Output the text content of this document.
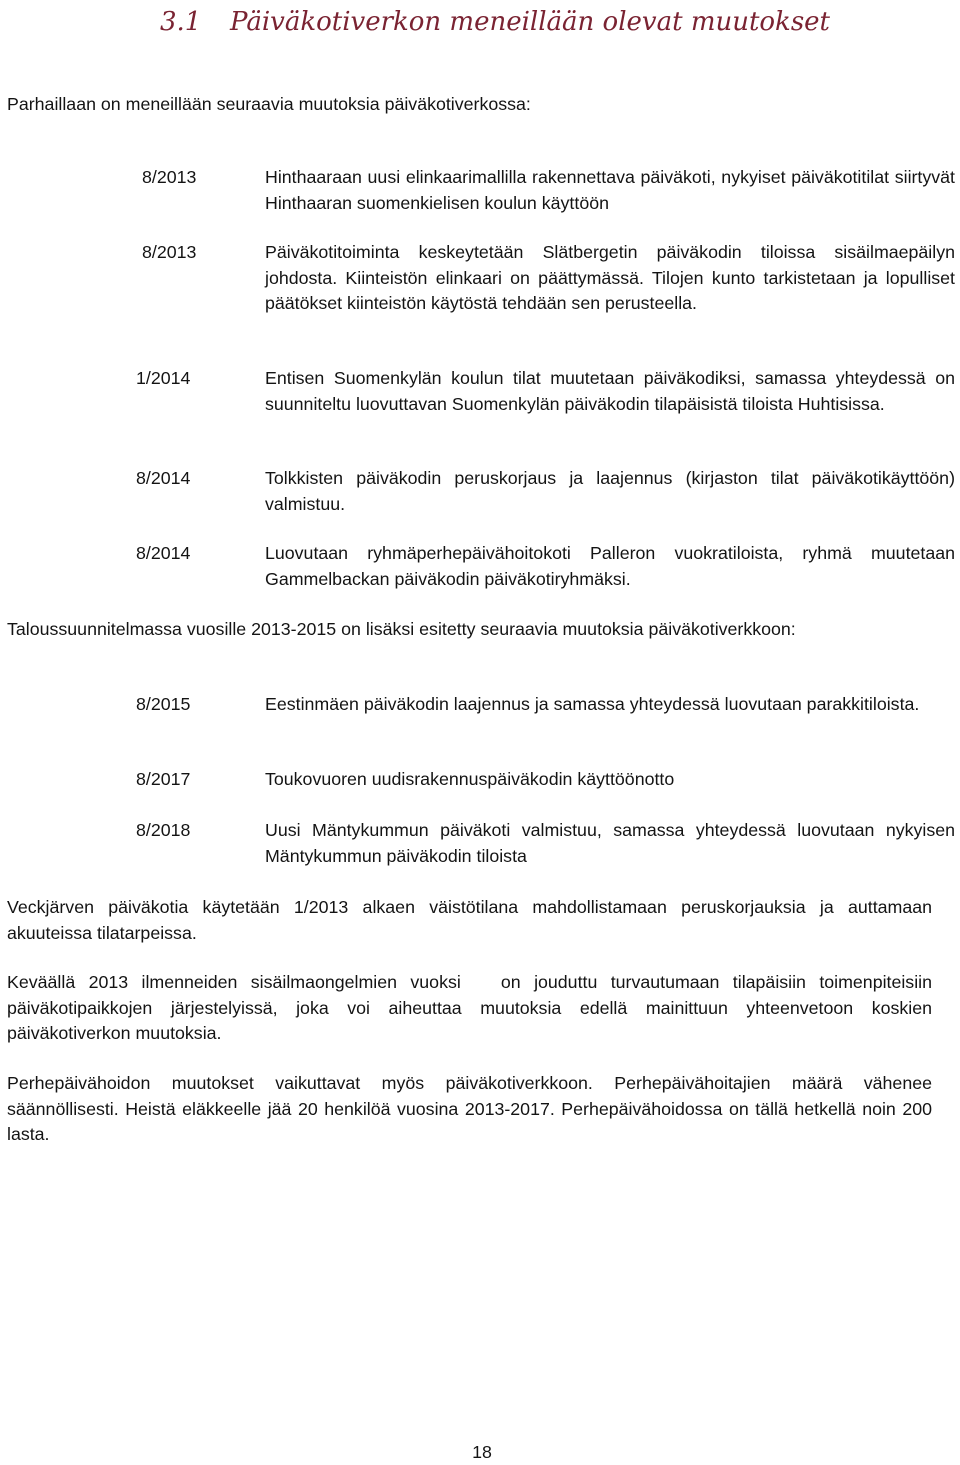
3.1 Päiväkotiverkon meneillään olevat muutokset
Parhaillaan on meneillään seuraavia muutoksia päiväkotiverkossa:
8/2013	Hinthaaraan uusi elinkaarimallilla rakennettava päiväkoti, nykyiset päiväkotitilat siirtyvät Hinthaaran suomenkielisen koulun käyttöön
8/2013	Päiväkotitoiminta keskeytetään Slätbergetin päiväkodin tiloissa sisäilmaepäilyn johdosta. Kiinteistön elinkaari on päättymässä. Tilojen kunto tarkistetaan ja lopulliset päätökset kiinteistön käytöstä tehdään sen perusteella.
1/2014	Entisen Suomenkylän koulun tilat muutetaan päiväkodiksi, samassa yhteydessä on suunniteltu luovuttavan Suomenkylän päiväkodin tilapäisistä tiloista Huhtisissa.
8/2014	Tolkkisten päiväkodin peruskorjaus ja laajennus (kirjaston tilat päiväkotikäyttöön) valmistuu.
8/2014	Luovutaan ryhmäperhepäivähoitokoti Palleron vuokratiloista, ryhmä muutetaan Gammelbackan päiväkodin päiväkotiryhmäksi.
Taloussuunnitelmassa vuosille 2013-2015 on lisäksi esitetty seuraavia muutoksia päiväkotiverkkoon:
8/2015	Eestinmäen päiväkodin laajennus ja samassa yhteydessä luovutaan parakkitiloista.
8/2017	Toukovuoren uudisrakennuspäiväkodin käyttöönotto
8/2018	Uusi Mäntykummun päiväkoti valmistuu, samassa yhteydessä luovutaan nykyisen Mäntykummun päiväkodin tiloista
Veckjärven päiväkotia käytetään 1/2013 alkaen väistötilana mahdollistamaan peruskorjauksia ja auttamaan akuuteissa tilatarpeissa.
Keväällä 2013 ilmenneiden sisäilmaongelmien vuoksi   on jouduttu turvautumaan tilapäisiin toimenpiteisiin päiväkotipaikkojen järjestelyissä, joka voi aiheuttaa muutoksia edellä mainittuun yhteenvetoon koskien päiväkotiverkon muutoksia.
Perhepäivähoidon muutokset vaikuttavat myös päiväkotiverkkoon. Perhepäivähoitajien määrä vähenee säännöllisesti. Heistä eläkkeelle jää 20 henkilöä vuosina 2013-2017. Perhepäivähoidossa on tällä hetkellä noin 200 lasta.
18
